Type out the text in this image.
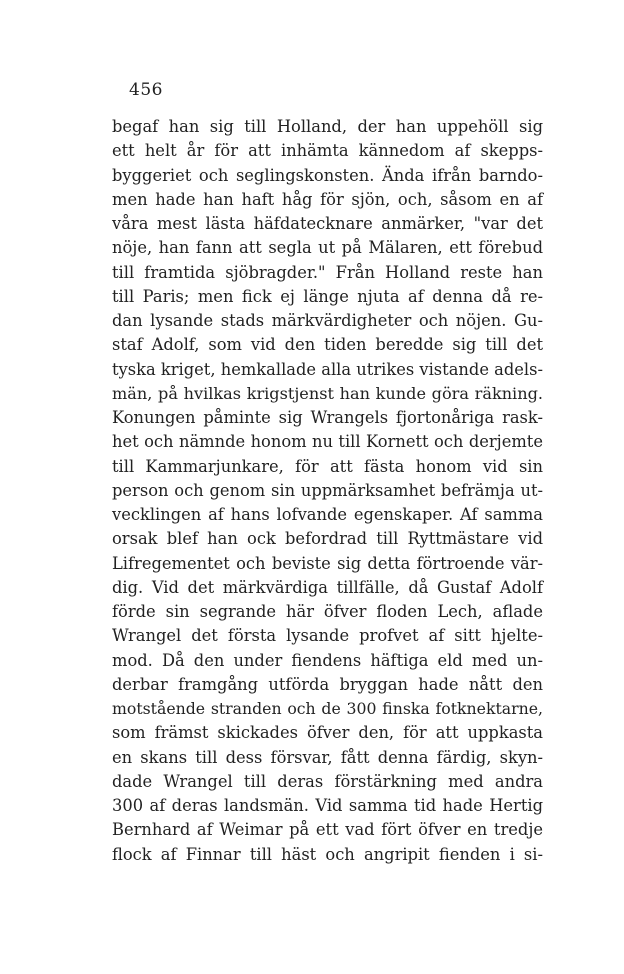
456
begaf han sig till Holland, der han uppehöll sig
ett helt år för att inhämta kännedom af skepps-
byggeriet och seglingskonsten. Ända ifrån barndo-
men hade han haft håg för sjön, och, såsom en af
våra mest lästa häfdatecknare anmärker, "var det
nöje, han fann att segla ut på Mälaren, ett förebud
till framtida sjöbragder." Från Holland reste han
till Paris; men fick ej länge njuta af denna då re-
dan lysande stads märkvärdigheter och nöjen. Gu-
staf Adolf, som vid den tiden beredde sig till det
tyska kriget, hemkallade alla utrikes vistande adels-
män, på hvilkas krigstjenst han kunde göra räkning.
Konungen påminte sig Wrangels fjortonåriga rask-
het och nämnde honom nu till Kornett och derjemte
till Kammarjunkare, för att fästa honom vid sin
person och genom sin uppmärksamhet befrämja ut-
vecklingen af hans lofvande egenskaper. Af samma
orsak blef han ock befordrad till Ryttmästare vid
Lifregementet och beviste sig detta förtroende vär-
dig. Vid det märkvärdiga tillfälle, då Gustaf Adolf
förde sin segrande här öfver floden Lech, aflade
Wrangel det första lysande profvet af sitt hjelte-
mod. Då den under fiendens häftiga eld med un-
derbar framgång utförda bryggan hade nått den
motstående stranden och de 300 finska fotknektarne,
som främst skickades öfver den, för att uppkasta
en skans till dess försvar, fått denna färdig, skyn-
dade Wrangel till deras förstärkning med andra
300 af deras landsmän. Vid samma tid hade Hertig
Bernhard af Weimar på ett vad fört öfver en tredje
flock af Finnar till häst och angripit fienden i si-
